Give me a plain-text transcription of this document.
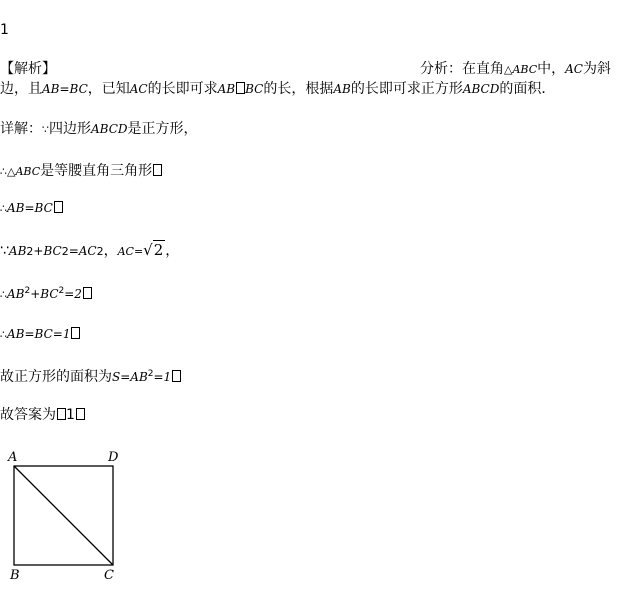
1
【解析】	分析：在直角△ABC中，AC为斜
边，且AB=BC，已知AC的长即可求AB BC的长，根据AB的长即可求正方形ABCD的面积．
详解：∵四边形ABCD是正方形，
∴△ABC是等腰直角三角形
∴AB=BC
∵AB2+BC2=AC2，AC=√2 ，
$\therefore AB^2+BC^2=2$
∴AB=BC=1
故正方形的面积为$S=AB^2=1$
故答案为 1
A	D
B	C
